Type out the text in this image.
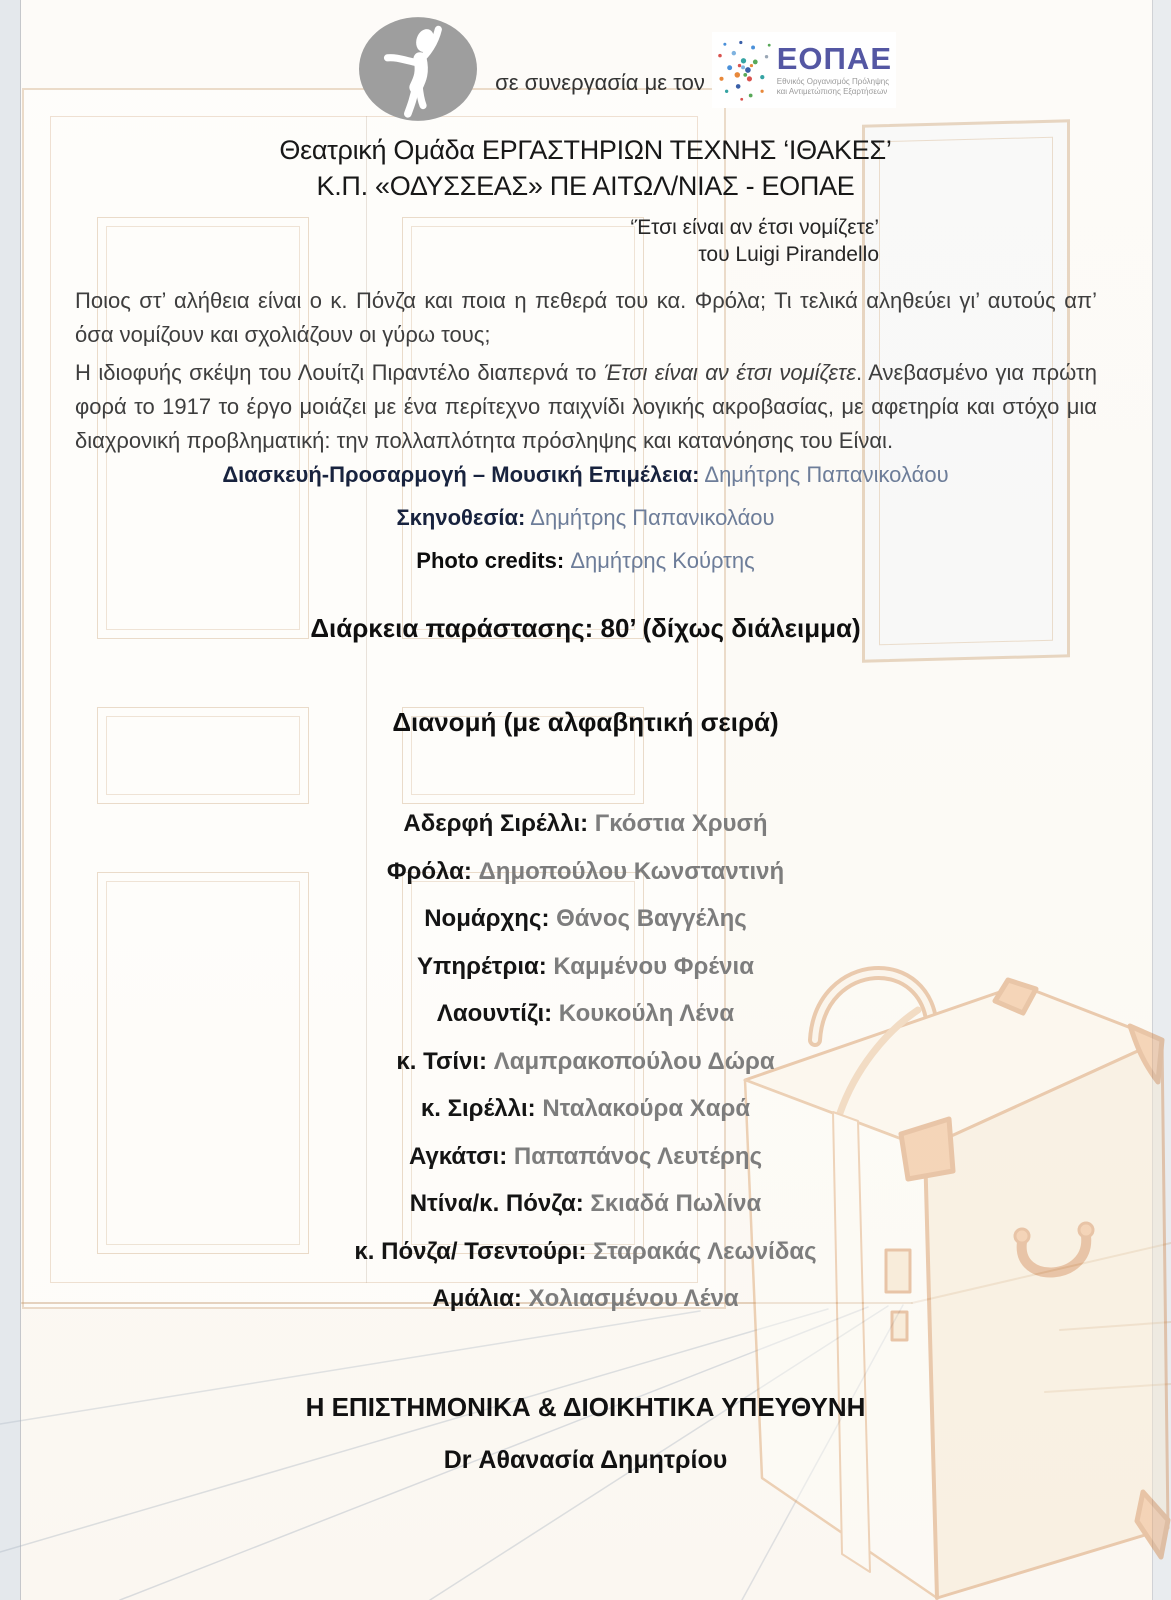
σε συνεργασία με τον
ΕΟΠΑΕ
Εθνικός Οργανισμός Πρόληψης
και Αντιμετώπισης Εξαρτήσεων
Θεατρική Ομάδα ΕΡΓΑΣΤΗΡΙΩΝ ΤΕΧΝΗΣ ‘ΙΘΑΚΕΣ’
Κ.Π. «ΟΔΥΣΣΕΑΣ» ΠΕ ΑΙΤΩΛ/ΝΙΑΣ - ΕΟΠΑΕ
‘Έτσι είναι αν έτσι νομίζετε’
του Luigi Pirandello
Ποιος στ’ αλήθεια είναι ο κ. Πόνζα και ποια η πεθερά του κα. Φρόλα; Τι τελικά αληθεύει γι’ αυτούς απ’ όσα νομίζουν και σχολιάζουν οι γύρω τους;
Η ιδιοφυής σκέψη του Λουίτζι Πιραντέλο διαπερνά το Έτσι είναι αν έτσι νομίζετε. Ανεβασμένο για πρώτη φορά το 1917 το έργο μοιάζει με ένα περίτεχνο παιχνίδι λογικής ακροβασίας, με αφετηρία και στόχο μια διαχρονική προβληματική: την πολλαπλότητα πρόσληψης και κατανόησης του Είναι.
Διασκευή-Προσαρμογή – Μουσική Επιμέλεια: Δημήτρης Παπανικολάου
Σκηνοθεσία: Δημήτρης Παπανικολάου
Photo credits: Δημήτρης Κούρτης
Διάρκεια παράστασης: 80’ (δίχως διάλειμμα)
Διανομή (με αλφαβητική σειρά)
Αδερφή Σιρέλλι: Γκόστια Χρυσή
Φρόλα: Δημοπούλου Κωνσταντινή
Νομάρχης: Θάνος Βαγγέλης
Υπηρέτρια: Καμμένου Φρένια
Λαουντίζι: Κουκούλη Λένα
κ. Τσίνι: Λαμπρακοπούλου Δώρα
κ. Σιρέλλι: Νταλακούρα Χαρά
Αγκάτσι: Παπαπάνος Λευτέρης
Ντίνα/κ. Πόνζα: Σκιαδά Πωλίνα
κ. Πόνζα/ Τσεντούρι: Σταρακάς Λεωνίδας
Αμάλια: Χολιασμένου Λένα
Η ΕΠΙΣΤΗΜΟΝΙΚΑ & ΔΙΟΙΚΗΤΙΚΑ ΥΠΕΥΘΥΝΗ
Dr Αθανασία Δημητρίου
